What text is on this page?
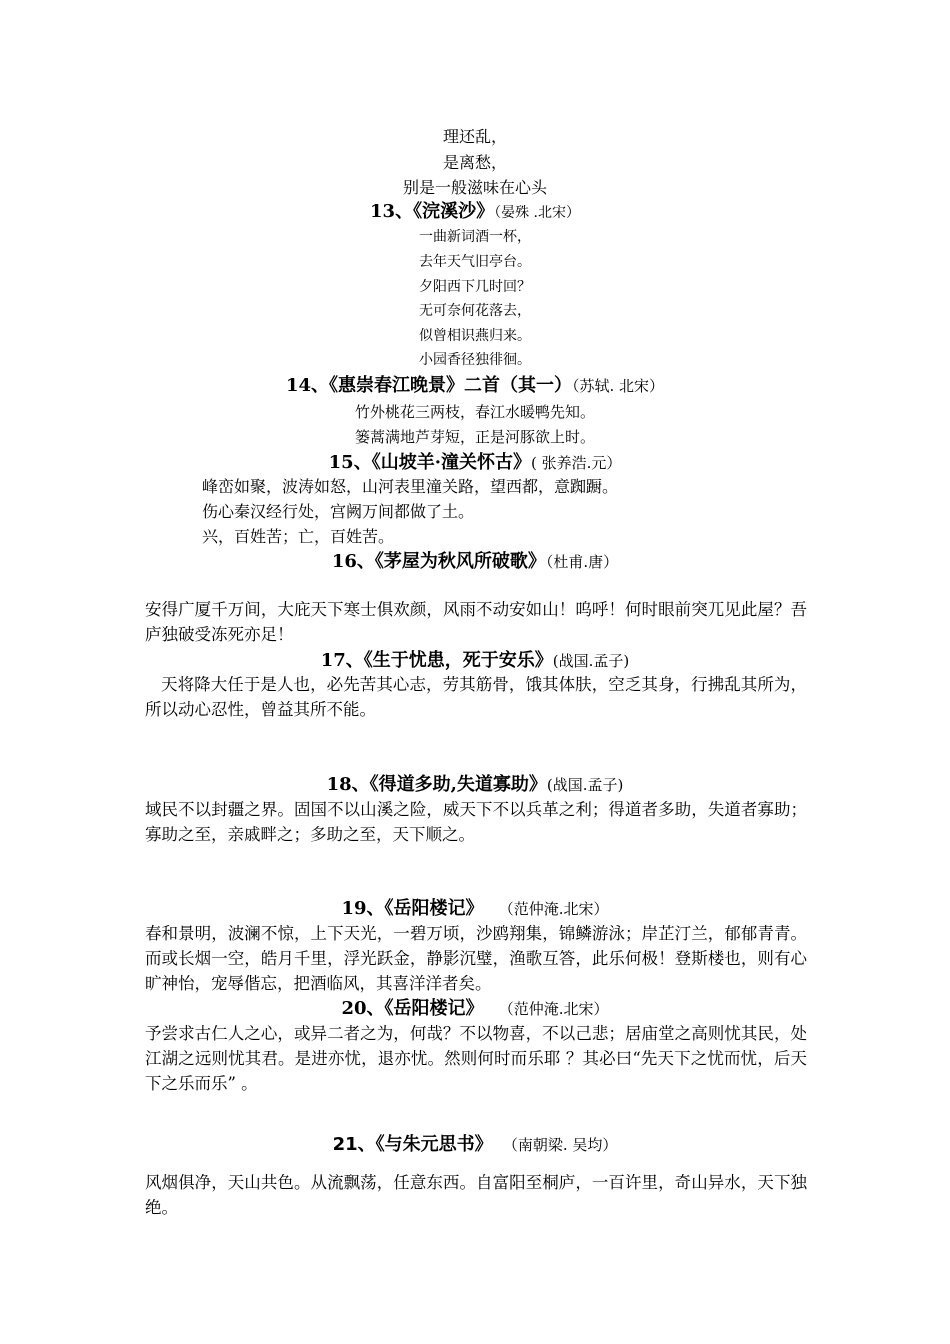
理还乱，
是离愁，
别是一般滋味在心头
13、《浣溪沙》（晏殊 .北宋）
一曲新词酒一杯，
去年天气旧亭台。
夕阳西下几时回？
无可奈何花落去，
似曾相识燕归来。
小园香径独徘徊。
14、《惠崇春江晚景》二首（其一）（苏轼. 北宋）
竹外桃花三两枝，春江水暖鸭先知。
篓蒿满地芦芽短，正是河豚欲上时。
15、《山坡羊·潼关怀古》( 张养浩.元）
峰峦如聚，波涛如怒，山河表里潼关路，望西都，意踟蹰。
伤心秦汉经行处，宫阙万间都做了土。
兴，百姓苦；亡，百姓苦。
16、《茅屋为秋风所破歌》（杜甫.唐）
安得广厦千万间，大庇天下寒士俱欢颜，风雨不动安如山！呜呼！何时眼前突兀见此屋？吾庐独破受冻死亦足！
17、《生于忧患，死于安乐》(战国.孟子)
天将降大任于是人也，必先苦其心志，劳其筋骨，饿其体肤，空乏其身，行拂乱其所为，所以动心忍性，曾益其所不能。
18、《得道多助,失道寡助》(战国.孟子)
域民不以封疆之界。固国不以山溪之险，威天下不以兵革之利；得道者多助，失道者寡助；寡助之至，亲戚畔之；多助之至，天下顺之。
19、《岳阳楼记》 （范仲淹.北宋）
春和景明，波澜不惊，上下天光，一碧万顷，沙鸥翔集，锦鳞游泳；岸芷汀兰，郁郁青青。而或长烟一空，皓月千里，浮光跃金，静影沉璧，渔歌互答，此乐何极！登斯楼也，则有心旷神怡，宠辱偕忘，把酒临风，其喜洋洋者矣。
20、《岳阳楼记》 （范仲淹.北宋）
予尝求古仁人之心，或异二者之为，何哉？不以物喜，不以己悲；居庙堂之高则忧其民，处江湖之远则忧其君。是进亦忧，退亦忧。然则何时而乐耶 ？其必曰“先天下之忧而忧，后天下之乐而乐” 。
21、《与朱元思书》 （南朝梁. 吴均）
风烟俱净，天山共色。从流飘荡，任意东西。自富阳至桐庐，一百许里，奇山异水，天下独绝。
